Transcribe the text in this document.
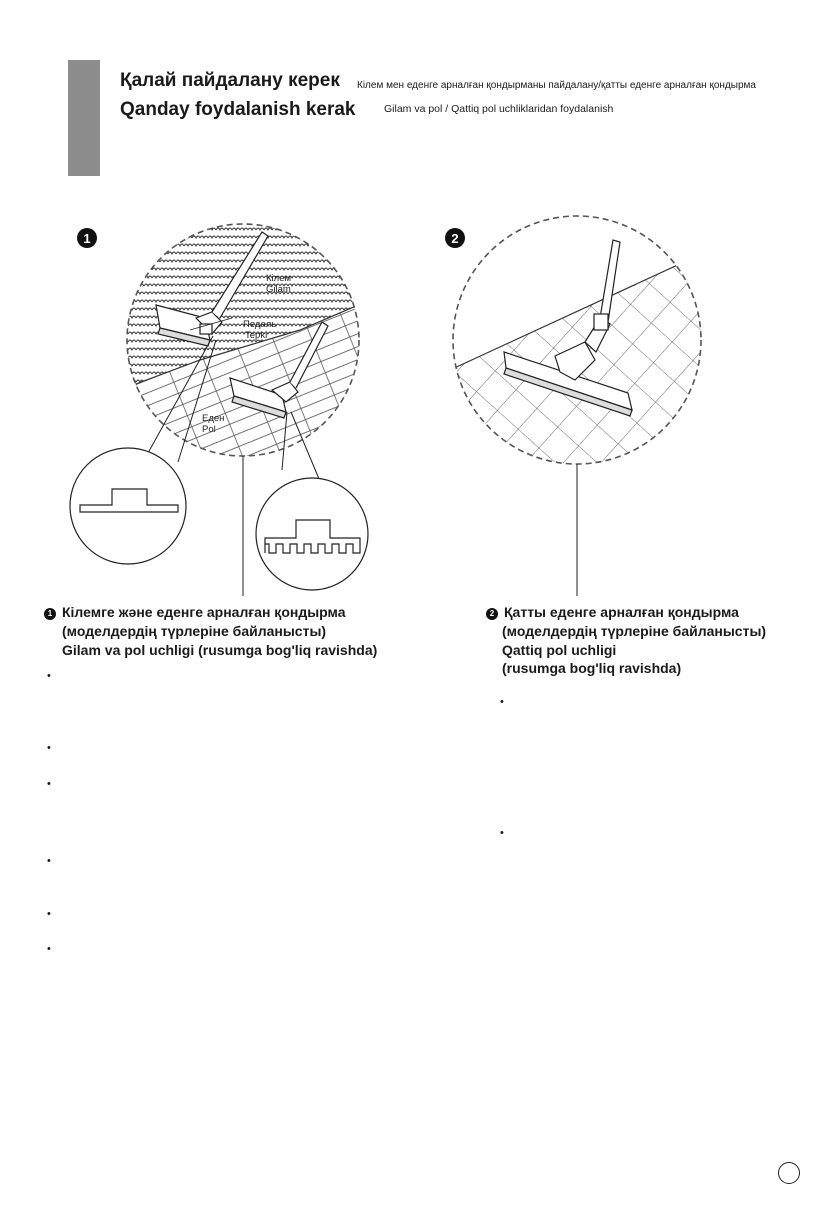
Қалай пайдалану керек Кілем мен еденге арналған қондырманы пайдалану/қатты еденге арналған қондырма
Qanday foydalanish kerak	Gilam va pol / Qattiq pol uchliklaridan foydalanish
Кілем
Gilam
Педаль
Tepki
Еден
Pol
1	2
1 Кілемге және еденге арналған қондырма
(моделдердің түрлеріне байланысты)
Gilam va pol uchligi (rusumga bog'liq ravishda)
•
•
•
•
•
•
2 Қатты еденге арналған қондырма
(моделдердің түрлеріне байланысты)
Qattiq pol uchligi
(rusumga bog'liq ravishda)
•
•
